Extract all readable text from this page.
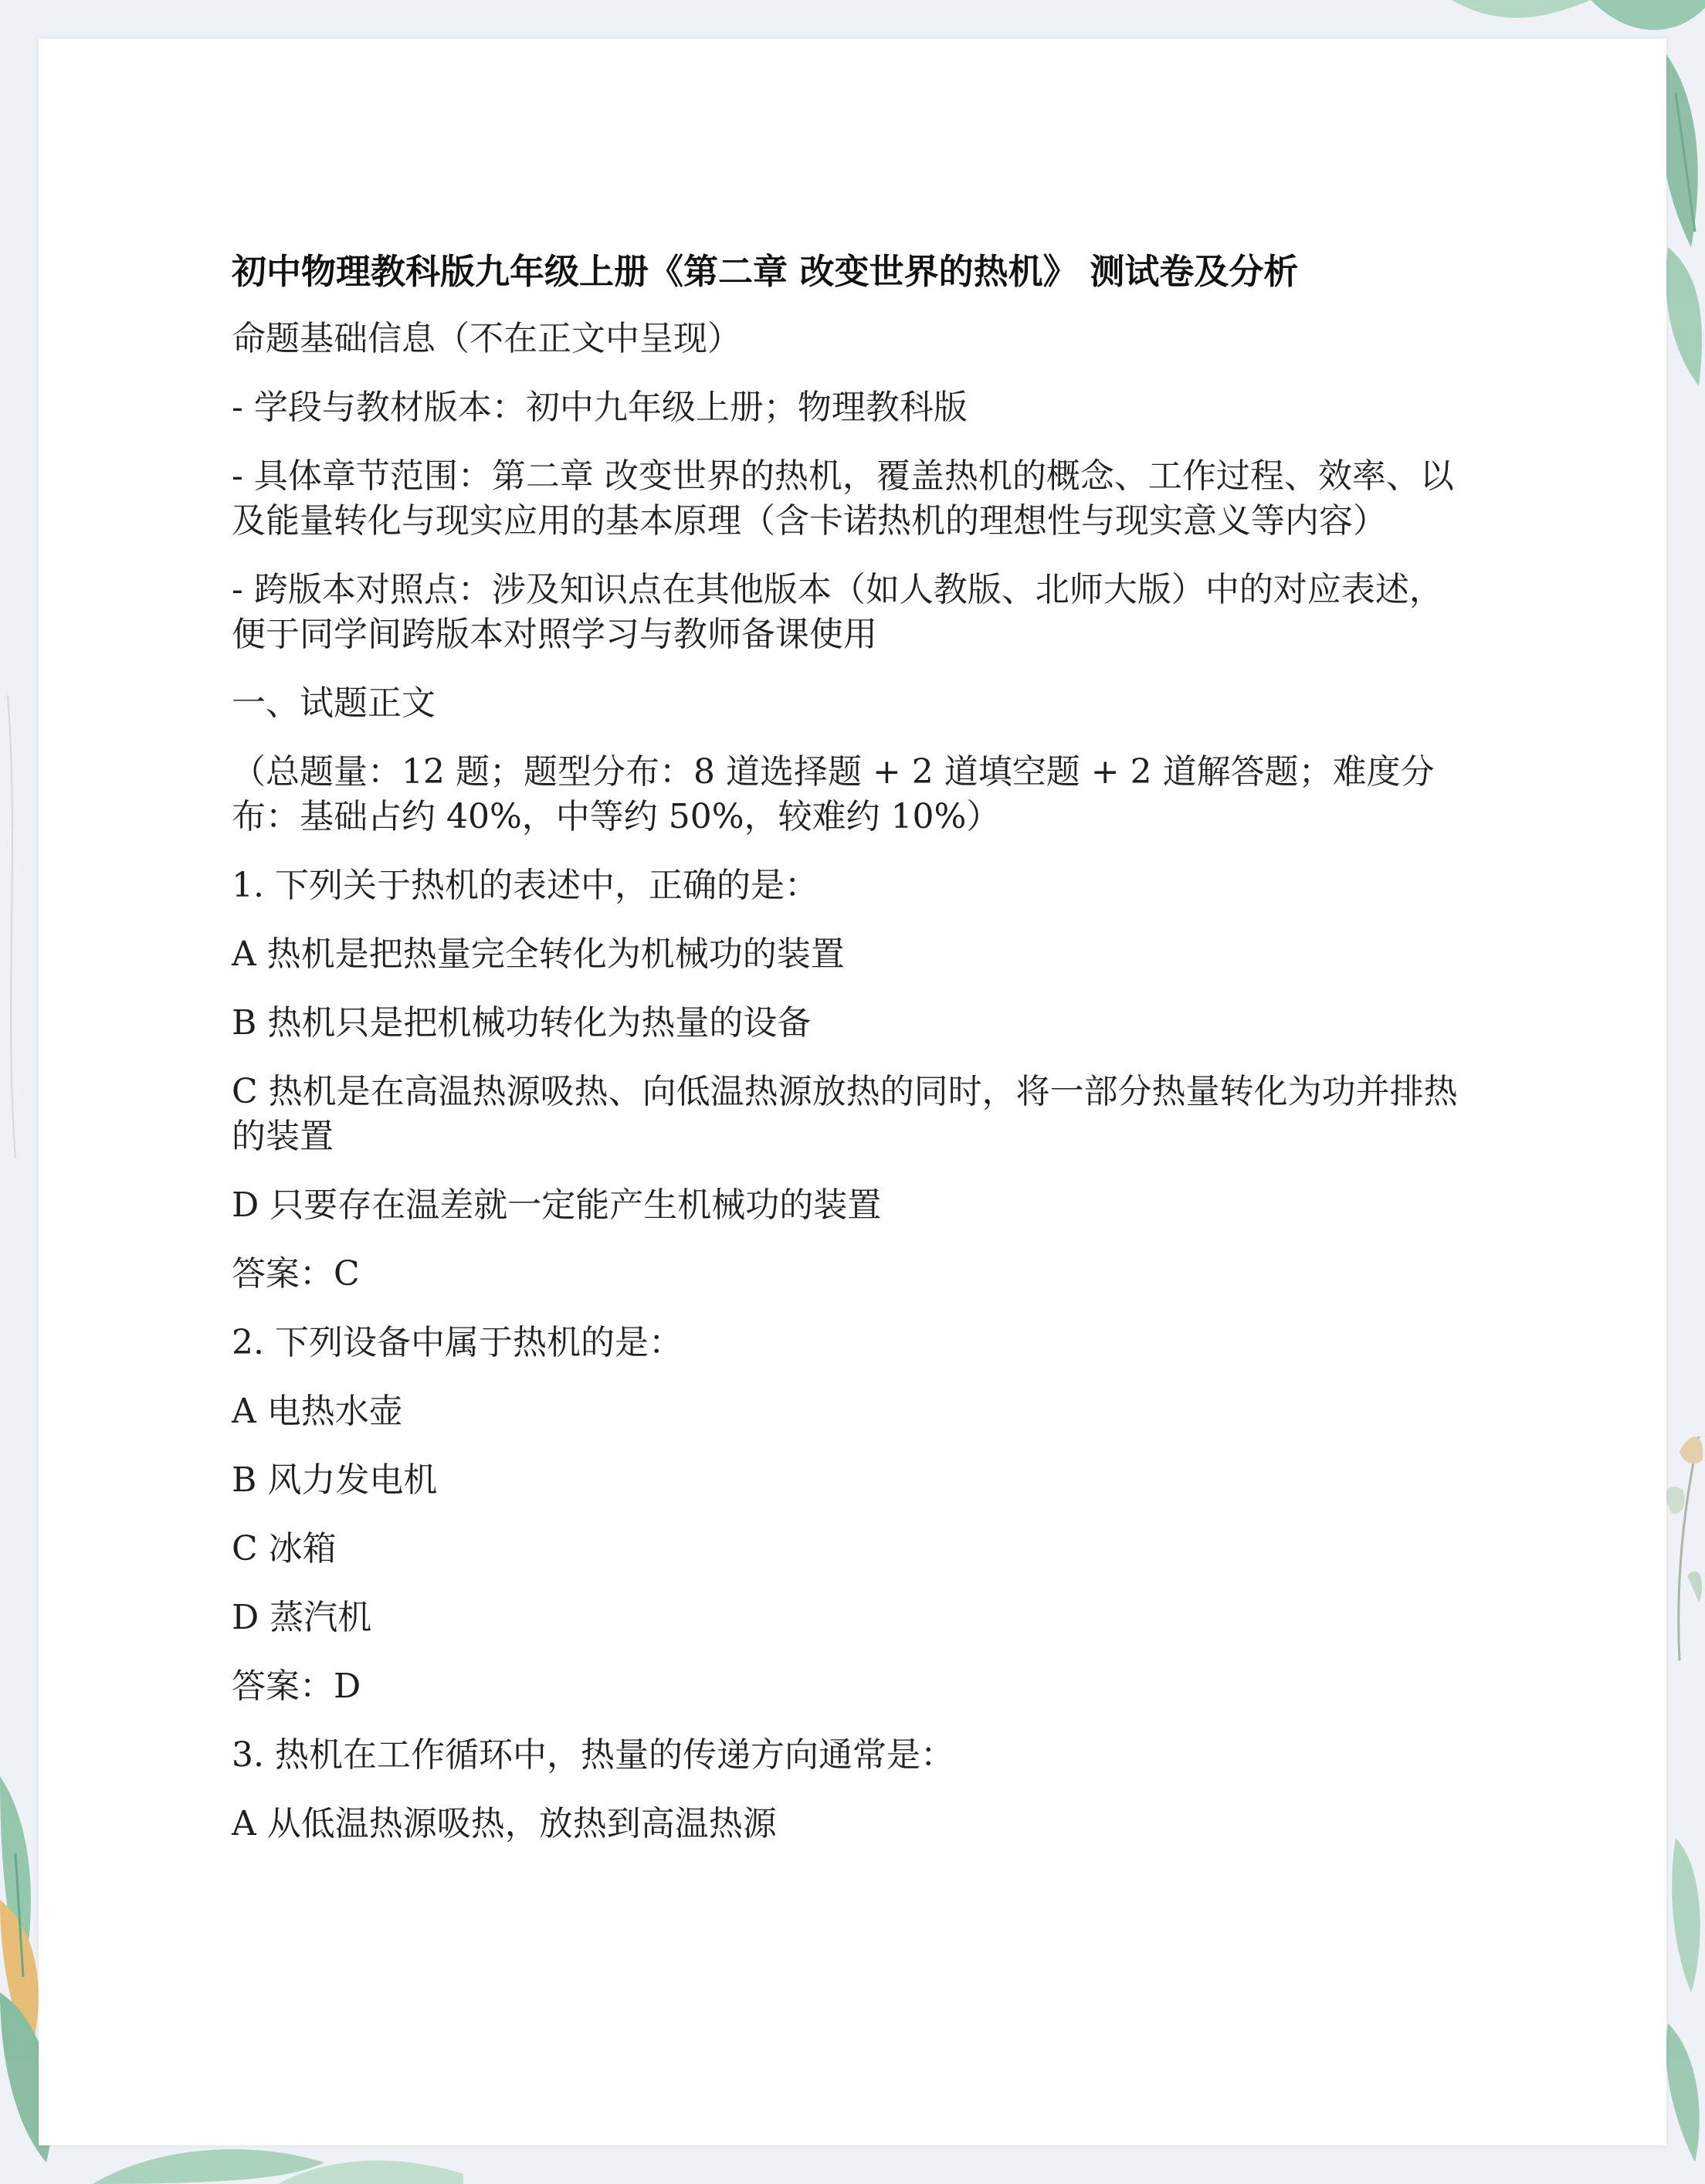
初中物理教科版九年级上册《第二章 改变世界的热机》 测试卷及分析
命题基础信息（不在正文中呈现）
- 学段与教材版本：初中九年级上册；物理教科版
- 具体章节范围：第二章 改变世界的热机，覆盖热机的概念、工作过程、效率、以及能量转化与现实应用的基本原理（含卡诺热机的理想性与现实意义等内容）
- 跨版本对照点：涉及知识点在其他版本（如人教版、北师大版）中的对应表述，便于同学间跨版本对照学习与教师备课使用
一、试题正文
（总题量：12 题；题型分布：8 道选择题 + 2 道填空题 + 2 道解答题；难度分布：基础占约 40%，中等约 50%，较难约 10%）
1. 下列关于热机的表述中，正确的是：
A 热机是把热量完全转化为机械功的装置
B 热机只是把机械功转化为热量的设备
C 热机是在高温热源吸热、向低温热源放热的同时，将一部分热量转化为功并排热的装置
D 只要存在温差就一定能产生机械功的装置
答案：C
2. 下列设备中属于热机的是：
A 电热水壶
B 风力发电机
C 冰箱
D 蒸汽机
答案：D
3. 热机在工作循环中，热量的传递方向通常是：
A 从低温热源吸热，放热到高温热源
